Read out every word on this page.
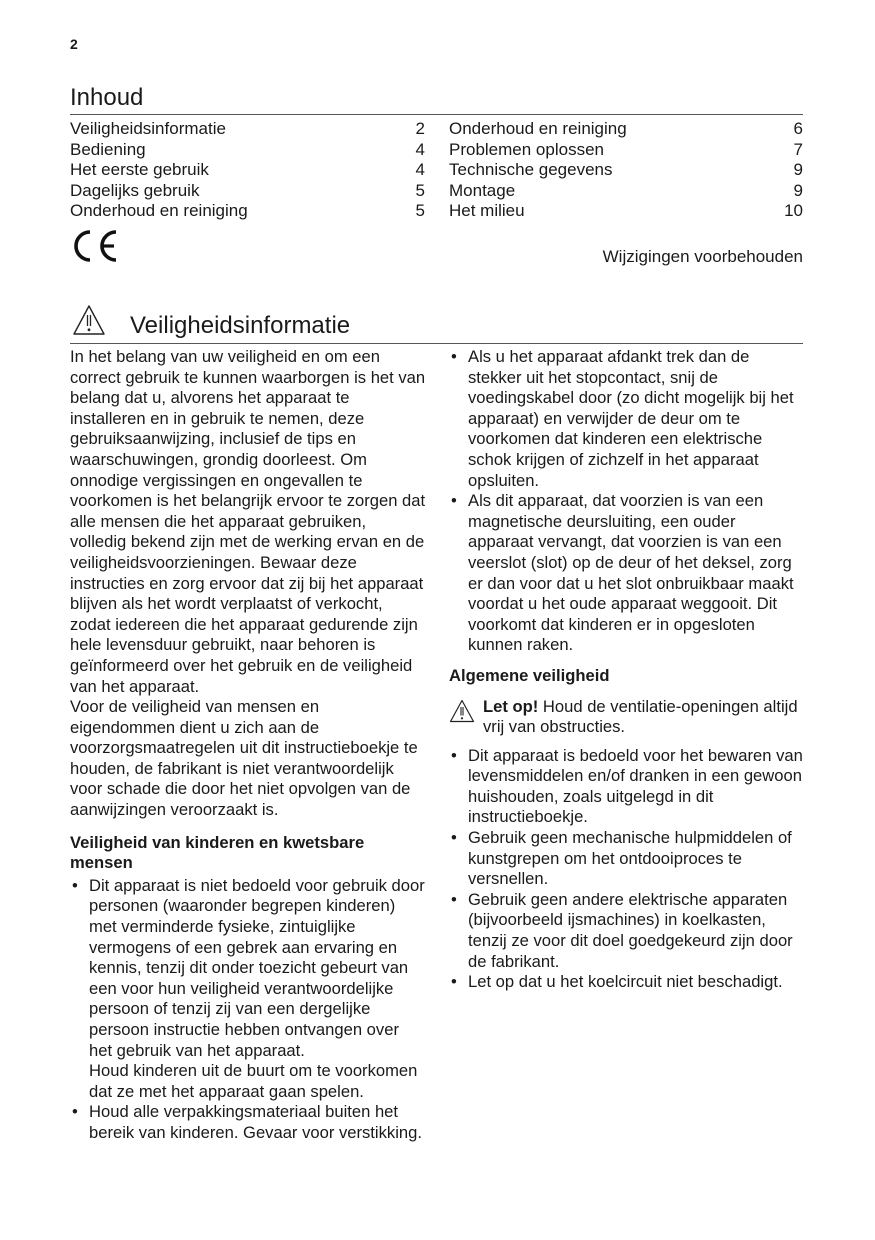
2
Inhoud
Veiligheidsinformatie	2
Bediening	4
Het eerste gebruik	4
Dagelijks gebruik	5
Onderhoud en reiniging	5
Onderhoud en reiniging	6
Problemen oplossen	7
Technische gegevens	9
Montage	9
Het milieu	10
Wijzigingen voorbehouden
Veiligheidsinformatie

In het belang van uw veiligheid en om een correct gebruik te kunnen waarborgen is het van belang dat u, alvorens het apparaat te installeren en in gebruik te nemen, deze gebruiksaanwijzing, inclusief de tips en waarschuwingen, grondig doorleest. Om onnodige vergissingen en ongevallen te voorkomen is het belangrijk ervoor te zorgen dat alle mensen die het apparaat gebruiken, volledig bekend zijn met de werking ervan en de veiligheidsvoorzieningen. Bewaar deze instructies en zorg ervoor dat zij bij het apparaat blijven als het wordt verplaatst of verkocht, zodat iedereen die het apparaat gedurende zijn hele levensduur gebruikt, naar behoren is geïnformeerd over het gebruik en de veiligheid van het apparaat.

Voor de veiligheid van mensen en eigendommen dient u zich aan de voorzorgsmaatregelen uit dit instructieboekje te houden, de fabrikant is niet verantwoordelijk voor schade die door het niet opvolgen van de aanwijzingen veroorzaakt is.

Veiligheid van kinderen en kwetsbare mensen

• Dit apparaat is niet bedoeld voor gebruik door personen (waaronder begrepen kinderen) met verminderde fysieke, zintuiglijke vermogens of een gebrek aan ervaring en kennis, tenzij dit onder toezicht gebeurt van een voor hun veiligheid verantwoordelijke persoon of tenzij zij van een dergelijke persoon instructie hebben ontvangen over het gebruik van het apparaat.
Houd kinderen uit de buurt om te voorkomen dat ze met het apparaat gaan spelen.
• Houd alle verpakkingsmateriaal buiten het bereik van kinderen. Gevaar voor verstikking.
• Als u het apparaat afdankt trek dan de stekker uit het stopcontact, snij de voedingskabel door (zo dicht mogelijk bij het apparaat) en verwijder de deur om te voorkomen dat kinderen een elektrische schok krijgen of zichzelf in het apparaat opsluiten.
• Als dit apparaat, dat voorzien is van een magnetische deursluiting, een ouder apparaat vervangt, dat voorzien is van een veerslot (slot) op de deur of het deksel, zorg er dan voor dat u het slot onbruikbaar maakt voordat u het oude apparaat weggooit. Dit voorkomt dat kinderen er in opgesloten kunnen raken.

Algemene veiligheid

Let op! Houd de ventilatie-openingen altijd vrij van obstructies.
• Dit apparaat is bedoeld voor het bewaren van levensmiddelen en/of dranken in een gewoon huishouden, zoals uitgelegd in dit instructieboekje.
• Gebruik geen mechanische hulpmiddelen of kunstgrepen om het ontdooiproces te versnellen.
• Gebruik geen andere elektrische apparaten (bijvoorbeeld ijsmachines) in koelkasten, tenzij ze voor dit doel goedgekeurd zijn door de fabrikant.
• Let op dat u het koelcircuit niet beschadigt.
